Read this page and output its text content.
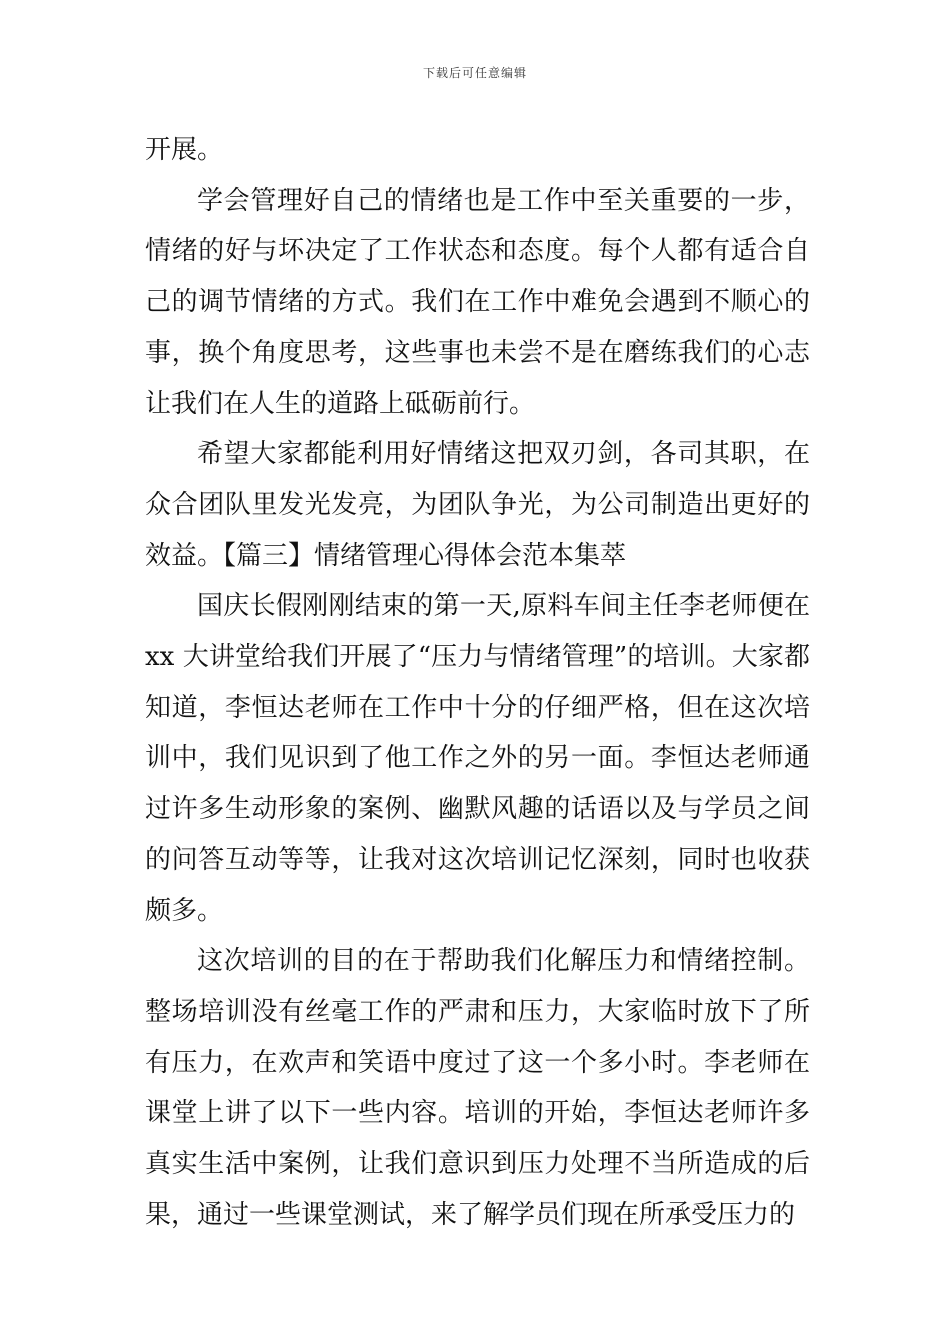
下载后可任意编辑

开展。

学会管理好自己的情绪也是工作中至关重要的一步，情绪的好与坏决定了工作状态和态度。每个人都有适合自己的调节情绪的方式。我们在工作中难免会遇到不顺心的事，换个角度思考，这些事也未尝不是在磨练我们的心志让我们在人生的道路上砥砺前行。

希望大家都能利用好情绪这把双刃剑，各司其职，在众合团队里发光发亮，为团队争光，为公司制造出更好的效益。【篇三】情绪管理心得体会范本集萃

国庆长假刚刚结束的第一天,原料车间主任李老师便在 xx 大讲堂给我们开展了“压力与情绪管理”的培训。大家都知道，李恒达老师在工作中十分的仔细严格，但在这次培训中，我们见识到了他工作之外的另一面。李恒达老师通过许多生动形象的案例、幽默风趣的话语以及与学员之间的问答互动等等，让我对这次培训记忆深刻，同时也收获颇多。

这次培训的目的在于帮助我们化解压力和情绪控制。整场培训没有丝毫工作的严肃和压力，大家临时放下了所有压力，在欢声和笑语中度过了这一个多小时。李老师在课堂上讲了以下一些内容。培训的开始，李恒达老师许多真实生活中案例，让我们意识到压力处理不当所造成的后果，通过一些课堂测试，来了解学员们现在所承受压力的
